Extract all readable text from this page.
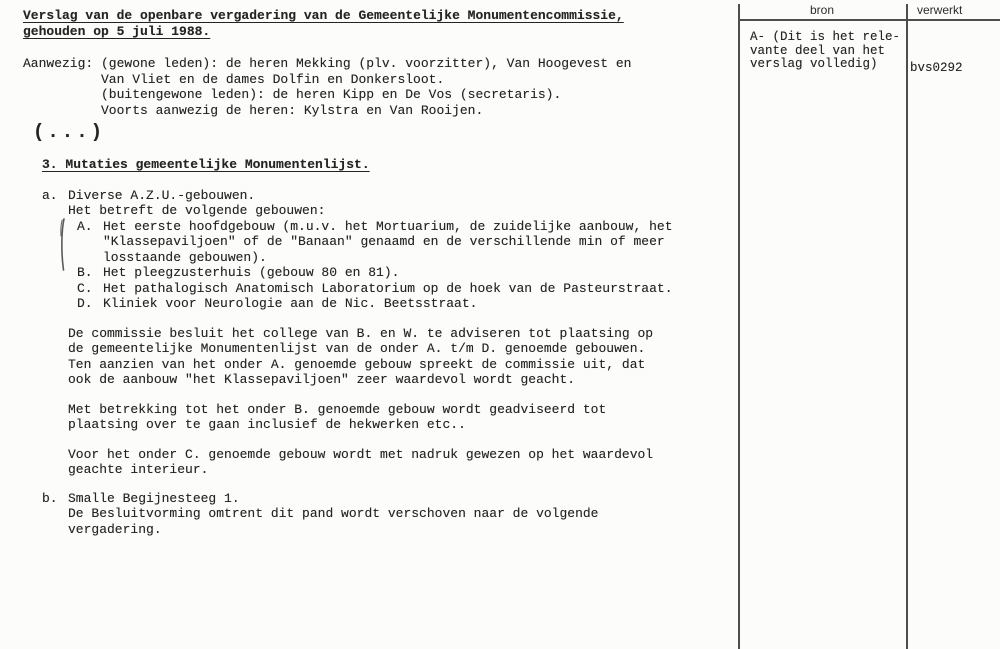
Verslag van de openbare vergadering van de Gemeentelijke Monumentencommissie,
gehouden op 5 juli 1988.
Aanwezig: (gewone leden): de heren Mekking (plv. voorzitter), Van Hoogevest en
Van Vliet en de dames Dolfin en Donkersloot.
(buitengewone leden): de heren Kipp en De Vos (secretaris).
Voorts aanwezig de heren: Kylstra en Van Rooijen.
(...)
3. Mutaties gemeentelijke Monumentenlijst.
a. Diverse A.Z.U.-gebouwen.
Het betreft de volgende gebouwen:
A. Het eerste hoofdgebouw (m.u.v. het Mortuarium, de zuidelijke aanbouw, het
"Klassepaviljoen" of de "Banaan" genaamd en de verschillende min of meer
losstaande gebouwen).
B. Het pleegzusterhuis (gebouw 80 en 81).
C. Het pathalogisch Anatomisch Laboratorium op de hoek van de Pasteurstraat.
D. Kliniek voor Neurologie aan de Nic. Beetsstraat.
De commissie besluit het college van B. en W. te adviseren tot plaatsing op
de gemeentelijke Monumentenlijst van de onder A. t/m D. genoemde gebouwen.
Ten aanzien van het onder A. genoemde gebouw spreekt de commissie uit, dat
ook de aanbouw "het Klassepaviljoen" zeer waardevol wordt geacht.
Met betrekking tot het onder B. genoemde gebouw wordt geadviseerd tot
plaatsing over te gaan inclusief de hekwerken etc..
Voor het onder C. genoemde gebouw wordt met nadruk gewezen op het waardevol
geachte interieur.
b. Smalle Begijnesteeg 1.
De Besluitvorming omtrent dit pand wordt verschoven naar de volgende
vergadering.
bron	verwerkt
A- (Dit is het rele-
vante deel van het
verslag volledig)	bvs0292
